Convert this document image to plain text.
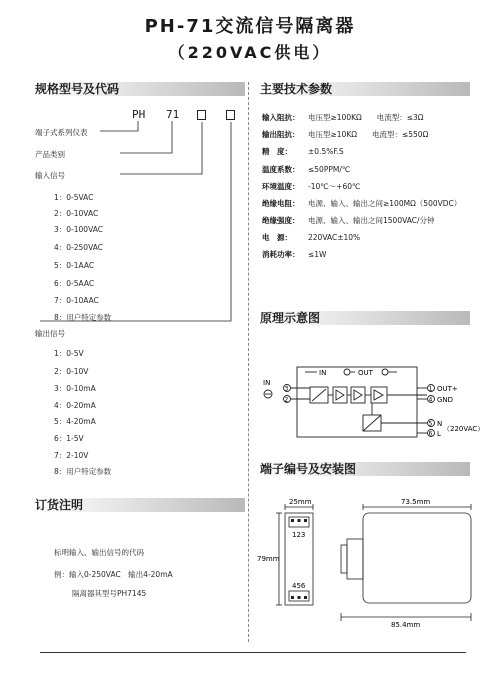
PH-71交流信号隔离器
（220VAC供电）
规格型号及代码
PH 71
端子式系列仪表
产品类别
输入信号
1：0-5VAC
2：0-10VAC
3：0-100VAC
4：0-250VAC
5：0-1AAC
6：0-5AAC
7：0-10AAC
8：用户特定参数
输出信号
1：0-5V
2：0-10V
3：0-10mA
4：0-20mA
5：4-20mA
6：1-5V
7：2-10V
8：用户特定参数
订货注明
标明输入、输出信号的代码
例：输入0-250VAC　输出4-20mA
隔离器其型号PH7145
主要技术参数
输入阻抗： 电压型≥100KΩ　　电流型：≤3Ω
输出阻抗： 电压型≥10KΩ　　电流型：≤550Ω
精　度： ±0.5%F.S
温度系数： ≤50PPM/℃
环境温度： -10℃～+60℃
绝缘电阻： 电源、输入、输出之间≥100MΩ（500VDC）
绝缘强度： 电源、输入、输出之间1500VAC/分钟
电　源： 220VAC±10%
消耗功率： ≤1W
原理示意图
IN
IN	OUT
3
2
1
4
5
6
OUT+
GND
N
L
（220VAC）
端子编号及安装图
25mm
123
456
79mm
73.5mm
85.4mm
